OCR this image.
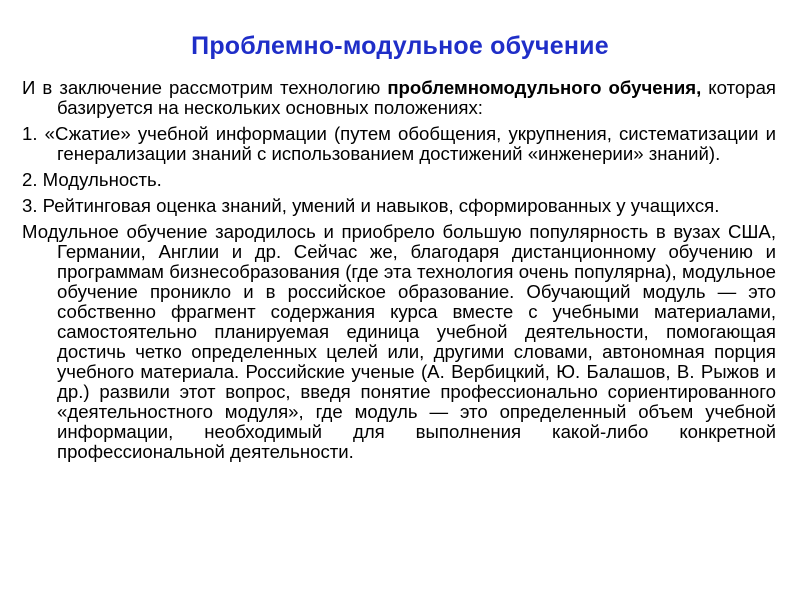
Проблемно-модульное обучение

И в заключение рассмотрим технологию проблемномодульного обучения, которая базируется на нескольких основных положениях:

1. «Сжатие» учебной информации (путем обобщения, укрупнения, систематизации и генерализации знаний с использованием достижений «инженерии» знаний).

2. Модульность.

3. Рейтинговая оценка знаний, умений и навыков, сформированных у учащихся.

Модульное обучение зародилось и приобрело большую популярность в вузах США, Германии, Англии и др. Сейчас же, благодаря дистанционному обучению и программам бизнесобразования (где эта технология очень популярна), модульное обучение проникло и в российское образование. Обучающий модуль — это собственно фрагмент содержания курса вместе с учебными материалами, самостоятельно планируемая единица учебной деятельности, помогающая достичь четко определенных целей или, другими словами, автономная порция учебного материала. Российские ученые (А. Вербицкий, Ю. Балашов, В. Рыжов и др.) развили этот вопрос, введя понятие профессионально сориентированного «деятельностного модуля», где модуль — это определенный объем учебной информации, необходимый для выполнения какой-либо конкретной профессиональной деятельности.
